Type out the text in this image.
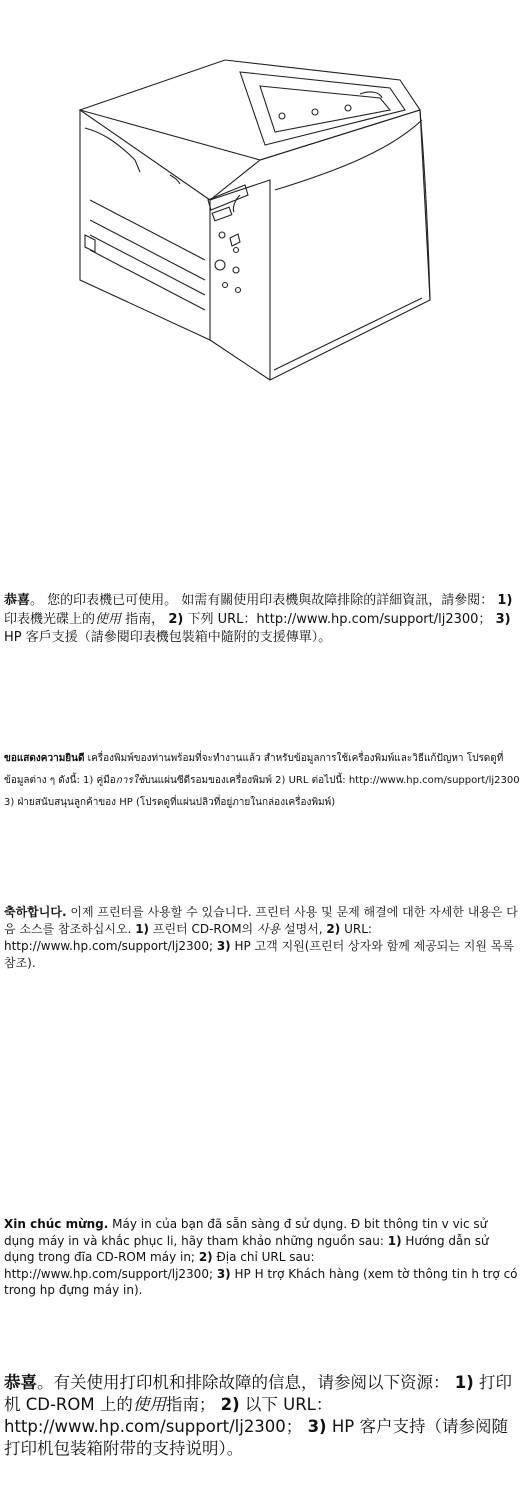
恭喜。 您的印表機已可使用。 如需有關使用印表機與故障排除的詳細資訊，請參閱： 1) 印表機光碟上的使用 指南， 2) 下列 URL：http://www.hp.com/support/lj2300； 3) HP 客戶支援（請參閱印表機包裝箱中隨附的支援傳單）。

ขอแสดงความยินดี เครื่องพิมพ์ของท่านพร้อมที่จะทำงานแล้ว สำหรับข้อมูลการใช้เครื่องพิมพ์และวิธีแก้ปัญหา โปรดดูที่ข้อมูลต่าง ๆ ดังนี้: 1) คู่มือการใช้บนแผ่นซีดีรอมของเครื่องพิมพ์ 2) URL ต่อไปนี้: http://www.hp.com/support/lj2300 3) ฝ่ายสนับสนุนลูกค้าของ HP (โปรดดูที่แผ่นปลิวที่อยู่ภายในกล่องเครื่องพิมพ์)

축하합니다. 이제 프린터를 사용할 수 있습니다. 프린터 사용 및 문제 해결에 대한 자세한 내용은 다음 소스를 참조하십시오. 1) 프린터 CD-ROM의 사용 설명서, 2) URL: http://www.hp.com/support/lj2300; 3) HP 고객 지원(프린터 상자와 함께 제공되는 지원 목록 참조).

Xin chúc mừng. Máy in của bạn đã sẵn sàng đ sử dụng. Đ bit thông tin v vic sử dụng máy in và khắc phục li, hãy tham khảo những nguồn sau: 1) Hướng dẫn sử dụng trong đĩa CD-ROM máy in; 2) Địa chỉ URL sau: http://www.hp.com/support/lj2300; 3) HP H trợ Khách hàng (xem tờ thông tin h trợ có trong hp đựng máy in).

恭喜。有关使用打印机和排除故障的信息，请参阅以下资源： 1) 打印机 CD-ROM 上的使用指南； 2) 以下 URL：http://www.hp.com/support/lj2300； 3) HP 客户支持（请参阅随打印机包装箱附带的支持说明）。
